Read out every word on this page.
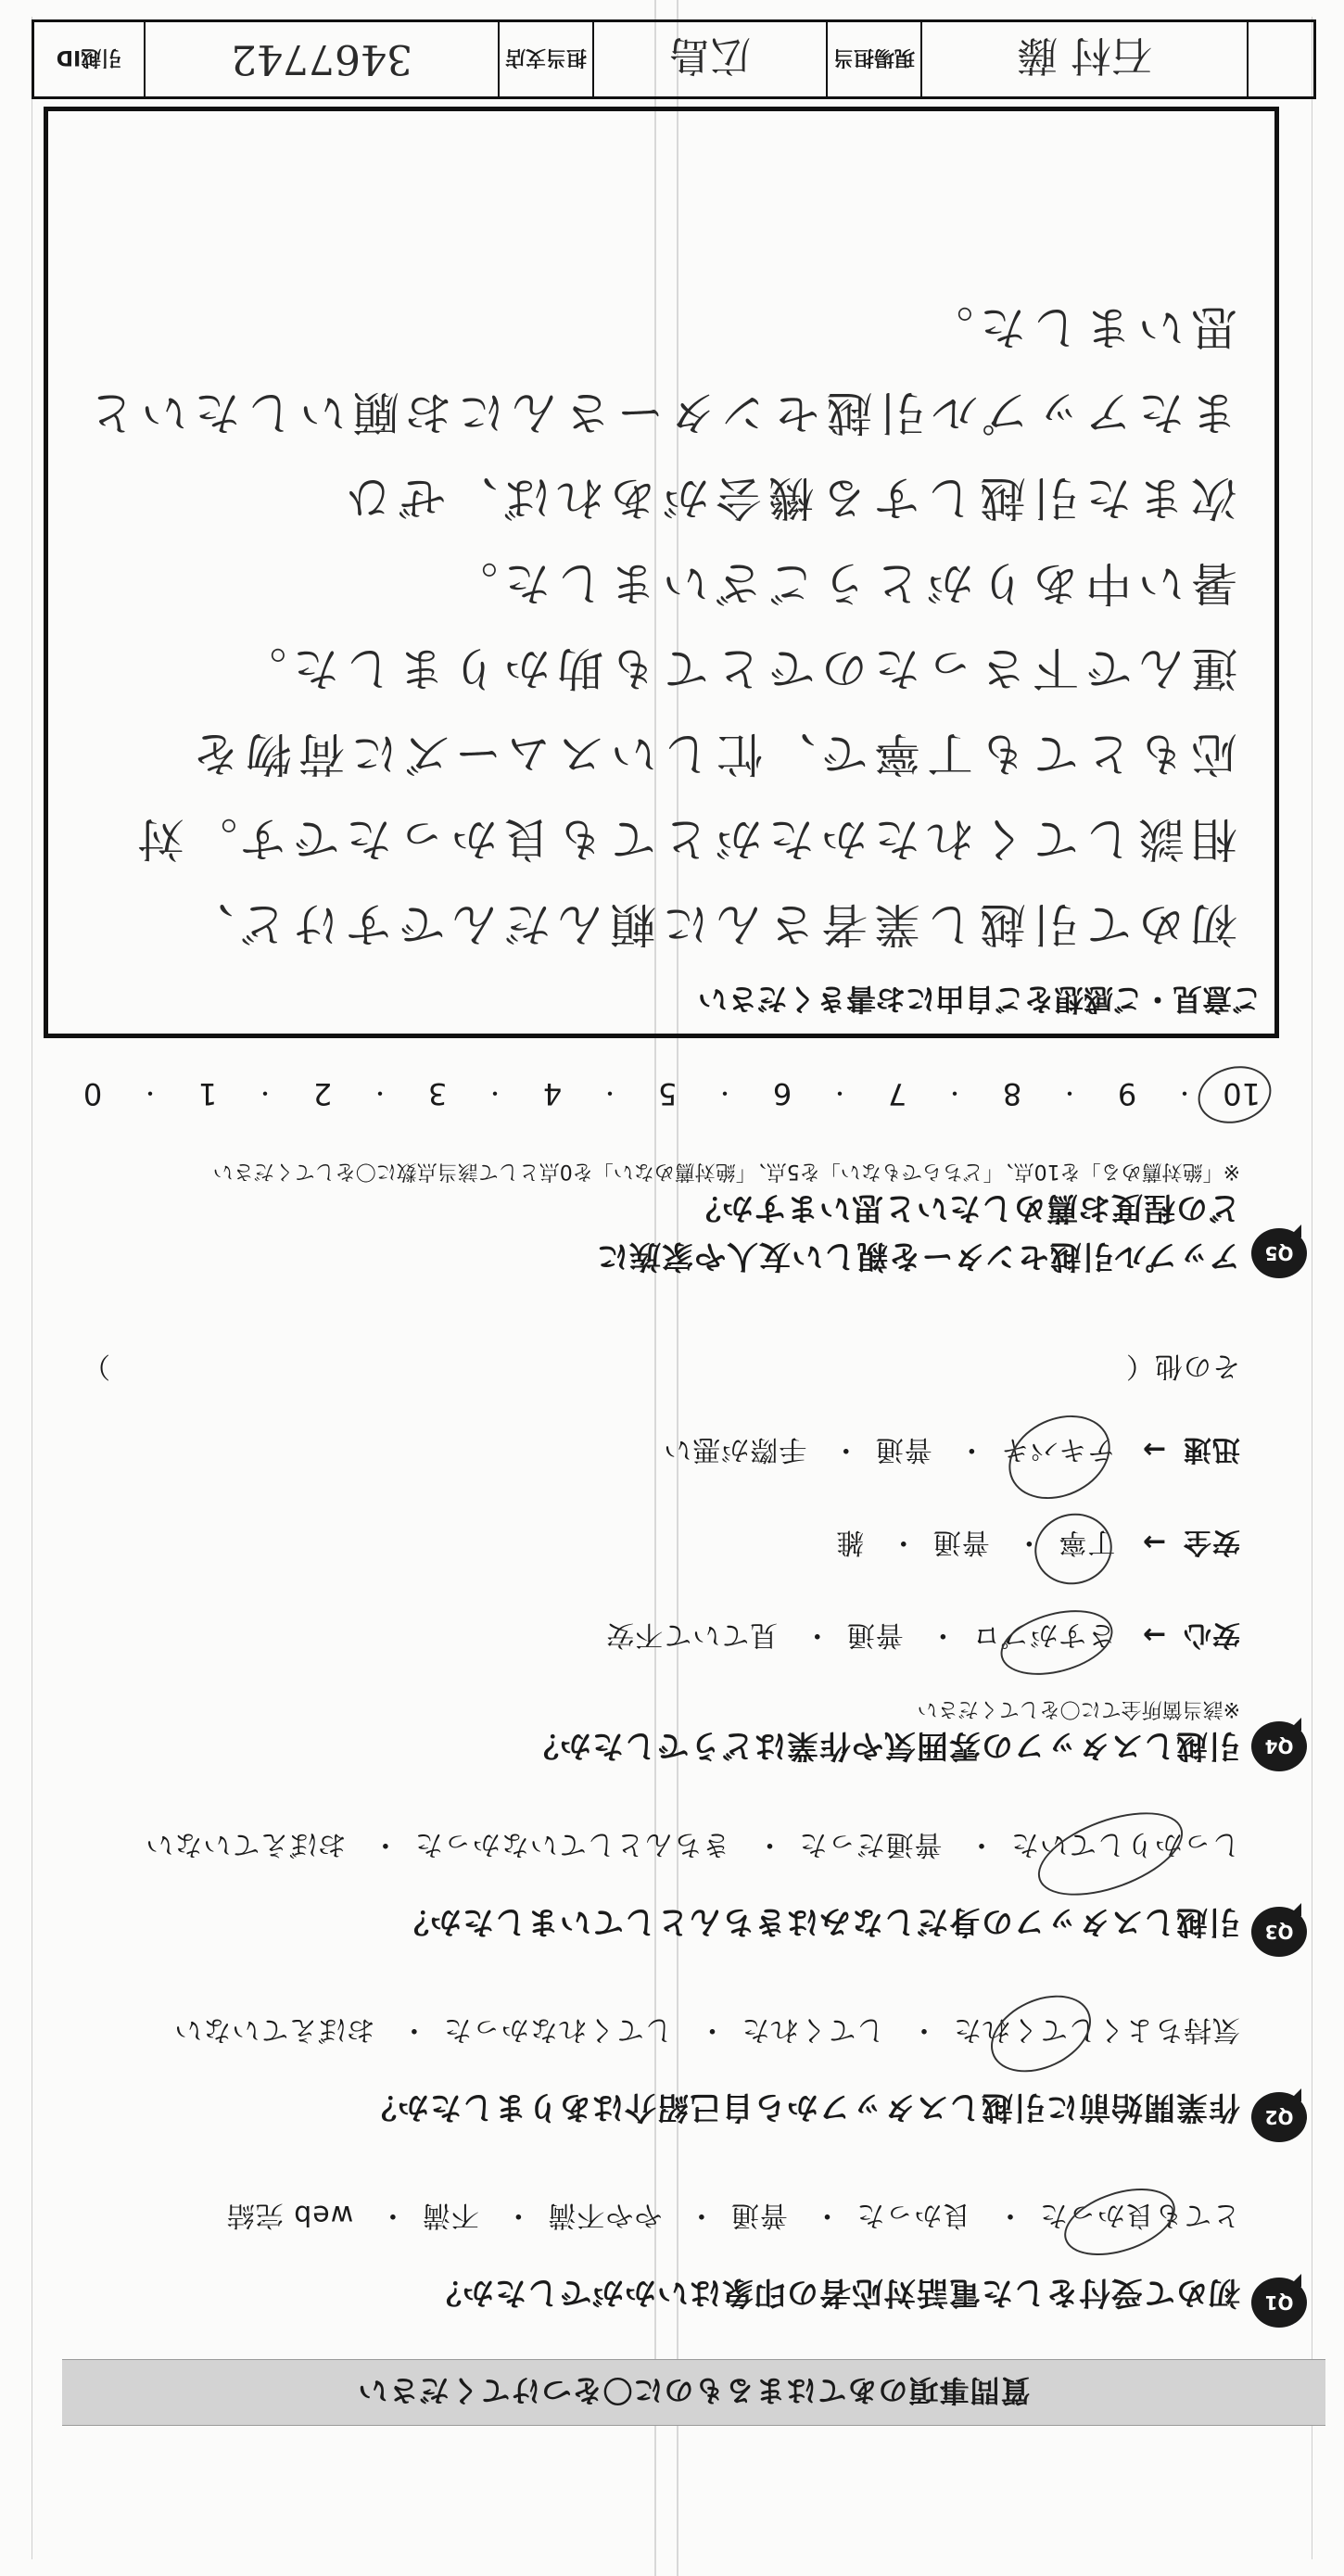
質問事項のあてはまるものに〇をつけてください
Q1
初めて受付をした電話対応者の印象はいかがでしたか？
とても良かった・ 良かった・ 普通・ やや不満・ 不満・ web 完結
Q2
作業開始前に引越しスタッフから自己紹介はありましたか？
気持ちよくしてくれた・ してくれた・ してくれなかった・ おぼえていない
Q3
引越しスタッフの身だしなみはきちんとしていましたか？
しっかりしていた・ 普通だった・ きちんとしていなかった・ おぼえていない
Q4
引越しスタッフの雰囲気や作業はどうでしたか？
※該当箇所全てに〇をしてください
安心→ さすがプロ・ 普通・ 見ていて不安
安全→ 丁寧・ 普通・ 雑
迅速→ テキパキ・ 普通・ 手際が悪い
その他（
）
Q5
アップル引越センターを親しい友人や家族に
どの程度お薦めしたいと思いますか？
※「絶対薦める」を10点、「どちらでもない」を5点、「絶対薦めない」を0点として該当点数に〇をしてください
10
・
9
・
8
・
7
・
6
・
5
・
4
・
3
・
2
・
1
・
0
ご意見・ご感想をご自由にお書きください
初めて引越し業者さんに頼んだんですけど、
相談してくれたかたがとても良かったです。対
応もとても丁寧で、忙しいスムーズに荷物を
運んで下さったのでとても助かりました。
暑い中ありがとうございました。
次また引越しする機会があれば、ぜひ
またアップル引越センターさんにお願いしたいと
思いました。
石村 藤
現場担当
広島
担当支店
3467742
引越ID
